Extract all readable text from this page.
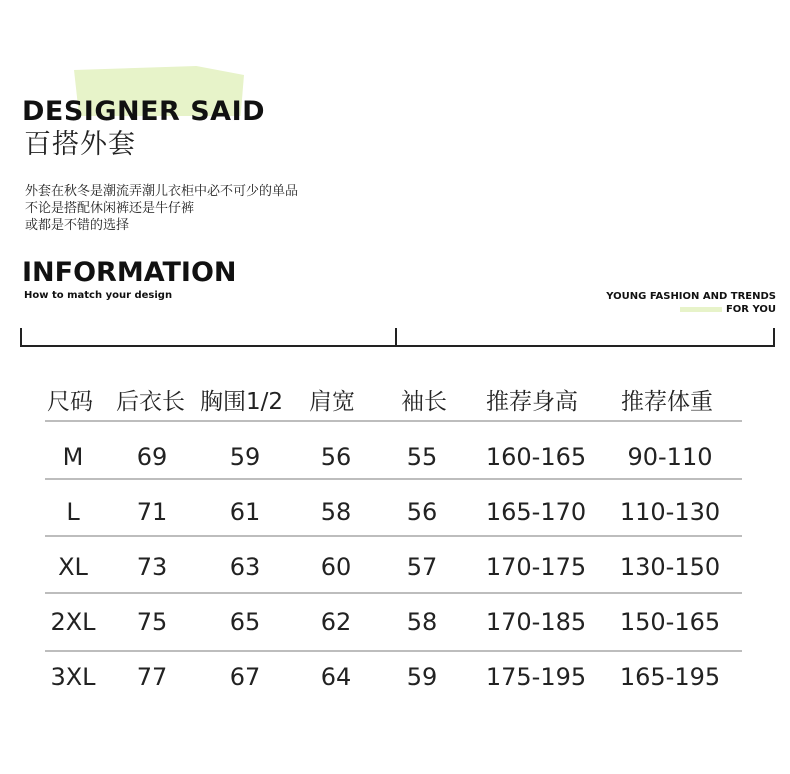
DESIGNER SAID
百搭外套
外套在秋冬是潮流弄潮儿衣柜中必不可少的单品
不论是搭配休闲裤还是牛仔裤
或都是不错的选择
INFORMATION
How to match your design	YOUNG FASHION AND TRENDS
FOR YOU
尺码 后衣长 胸围1/2 肩宽 袖长 推荐身高 推荐体重
M	69	59	56	55	160-165	90-110
L	71	61	58	56	165-170	110-130
XL	73	63	60	57	170-175	130-150
2XL	75	65	62	58	170-185	150-165
3XL	77	67	64	59	175-195	165-195
